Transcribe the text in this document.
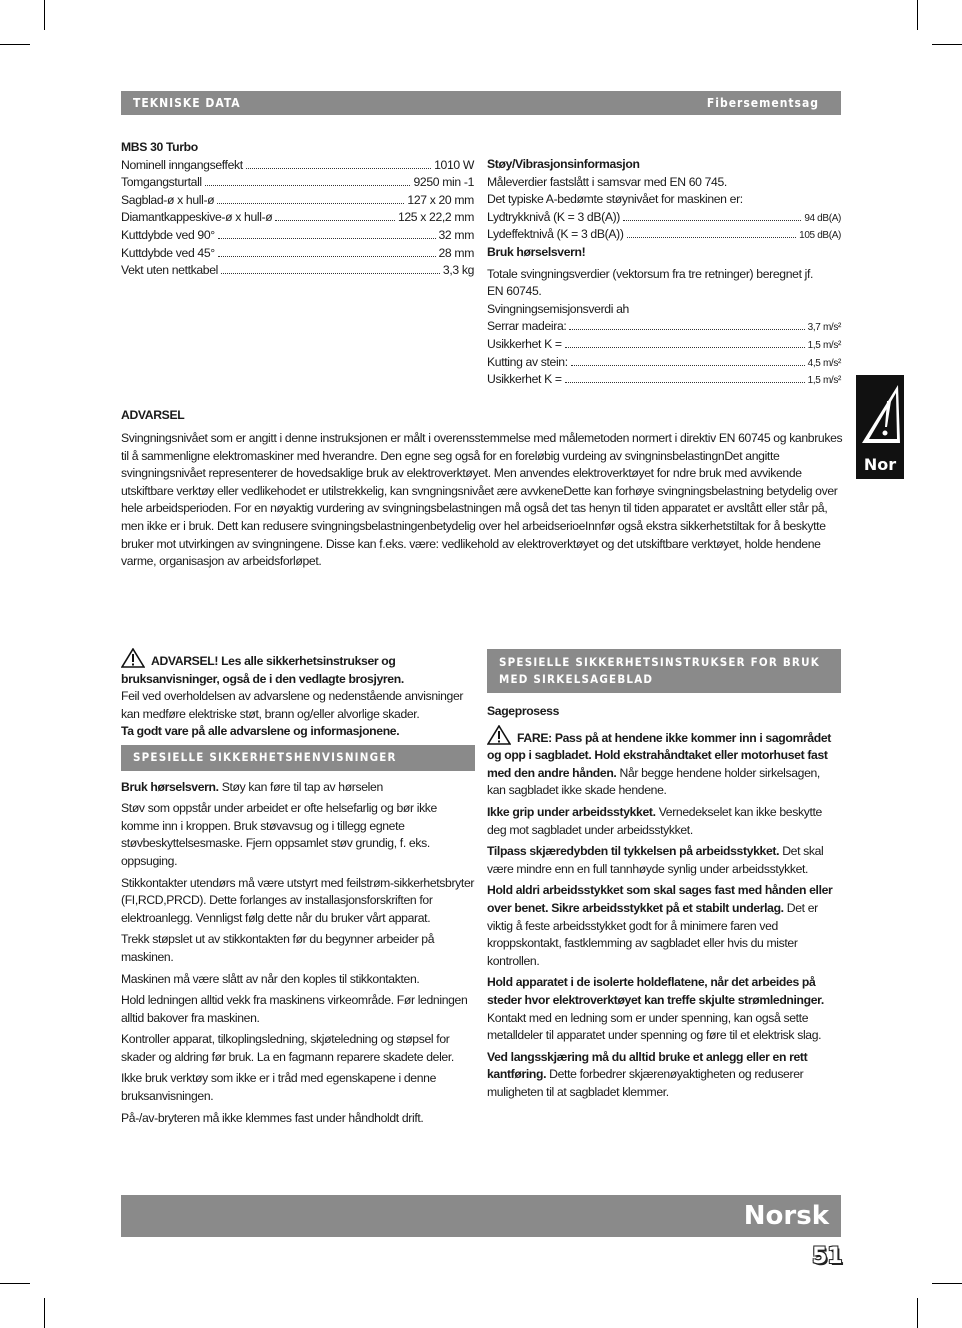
TEKNISKE DATA	Fibersementsag
MBS 30 Turbo
Nominell inngangseffekt	1010 W
Tomgangsturtall	9250 min -1
Sagblad-ø x hull-ø	127 x 20 mm
Diamantkappeskive-ø x hull-ø	125 x 22,2 mm
Kuttdybde ved 90°	32 mm
Kuttdybde ved 45°	28 mm
Vekt uten nettkabel	3,3 kg
Støy/Vibrasjonsinformasjon
Måleverdier fastslått i samsvar med EN 60 745.
Det typiske A-bedømte støynivået for maskinen er:
Lydtrykknivå (K = 3 dB(A))	94 dB(A)
Lydeffektnivå (K = 3 dB(A))	105 dB(A)
Bruk hørselsvern!
Totale svingningsverdier (vektorsum fra tre retninger) beregnet jf.
EN 60745.
Svingningsemisjonsverdi ah
Serrar madeira:	3,7 m/s²
Usikkerhet K =	1,5 m/s²
Kutting av stein:	4,5 m/s²
Usikkerhet K =	1,5 m/s²
Nor
ADVARSEL
Svingningsnivået som er angitt i denne instruksjonen er målt i overensstemmelse med målemetoden normert i direktiv EN 60745 og kanbrukes til å sammenligne elektromaskiner med hverandre. Den egne seg også for en foreløbig vurdeing av svingninsbelastingnDet angitte svingningsnivået representerer de hovedsaklige bruk av elektroverktøyet. Men anvendes elektroverktøyet for ndre bruk med avvikende utskiftbare verktøy eller vedlikehodet er utilstrekkelig, kan svngningsnivået ære avvkeneDette kan forhøye svingningsbelastning betydelig over hele arbeidsperioden. For en nøyaktig vurdering av svingningsbelastningen må også det tas henyn til tiden apparatet er avsltått eller står på, men ikke er i bruk. Dett kan redusere svingningsbelastningenbetydelig over hel arbeidserioeInnfør også ekstra sikkerhetstiltak for å beskytte bruker mot utvirkingen av svingningene. Disse kan f.eks. være: vedlikehold av elektroverktøyet og det utskiftbare verktøyet, holde hendene varme, organisasjon av arbeidsforløpet.
ADVARSEL! Les alle sikkerhetsinstrukser og bruksanvisninger, også de i den vedlagte brosjyren.
Feil ved overholdelsen av advarslene og nedenstående anvisninger kan medføre elektriske støt, brann og/eller alvorlige skader.
Ta godt vare på alle advarslene og informasjonene.
SPESIELLE SIKKERHETSHENVISNINGER
Bruk hørselsvern. Støy kan føre til tap av hørselen
Støv som oppstår under arbeidet er ofte helsefarlig og bør ikke komme inn i kroppen. Bruk støvavsug og i tillegg egnete støvbeskyttelsesmaske. Fjern oppsamlet støv grundig, f. eks. oppsuging.
Stikkontakter utendørs må være utstyrt med feilstrøm-sikkerhetsbryter (FI,RCD,PRCD). Dette forlanges av installasjonsforskriften for elektroanlegg. Vennligst følg dette når du bruker vårt apparat.
Trekk støpslet ut av stikkontakten før du begynner arbeider på maskinen.
Maskinen må være slått av når den koples til stikkontakten.
Hold ledningen alltid vekk fra maskinens virkeområde. Før ledningen alltid bakover fra maskinen.
Kontroller apparat, tilkoplingsledning, skjøteledning og støpsel for skader og aldring før bruk. La en fagmann reparere skadete deler.
Ikke bruk verktøy som ikke er i tråd med egenskapene i denne bruksanvisningen.
På-/av-bryteren må ikke klemmes fast under håndholdt drift.
SPESIELLE SIKKERHETSINSTRUKSER FOR BRUK MED SIRKELSAGEBLAD
Sageprosess
FARE: Pass på at hendene ikke kommer inn i sagområdet og opp i sagbladet. Hold ekstrahåndtaket eller motorhuset fast med den andre hånden. Når begge hendene holder sirkelsagen, kan sagbladet ikke skade hendene.
Ikke grip under arbeidsstykket. Vernedekselet kan ikke beskytte deg mot sagbladet under arbeidsstykket.
Tilpass skjæredybden til tykkelsen på arbeidsstykket. Det skal være mindre enn en full tannhøyde synlig under arbeidsstykket.
Hold aldri arbeidsstykket som skal sages fast med hånden eller over benet. Sikre arbeidsstykket på et stabilt underlag. Det er viktig å feste arbeidsstykket godt for å minimere faren ved kroppskontakt, fastklemming av sagbladet eller hvis du mister kontrollen.
Hold apparatet i de isolerte holdeflatene, når det arbeides på steder hvor elektroverktøyet kan treffe skjulte strømledninger. Kontakt med en ledning som er under spenning, kan også sette metalldeler til apparatet under spenning og føre til et elektrisk slag.
Ved langsskjæring må du alltid bruke et anlegg eller en rett kantføring. Dette forbedrer skjærenøyaktigheten og reduserer muligheten til at sagbladet klemmer.
Norsk
51
